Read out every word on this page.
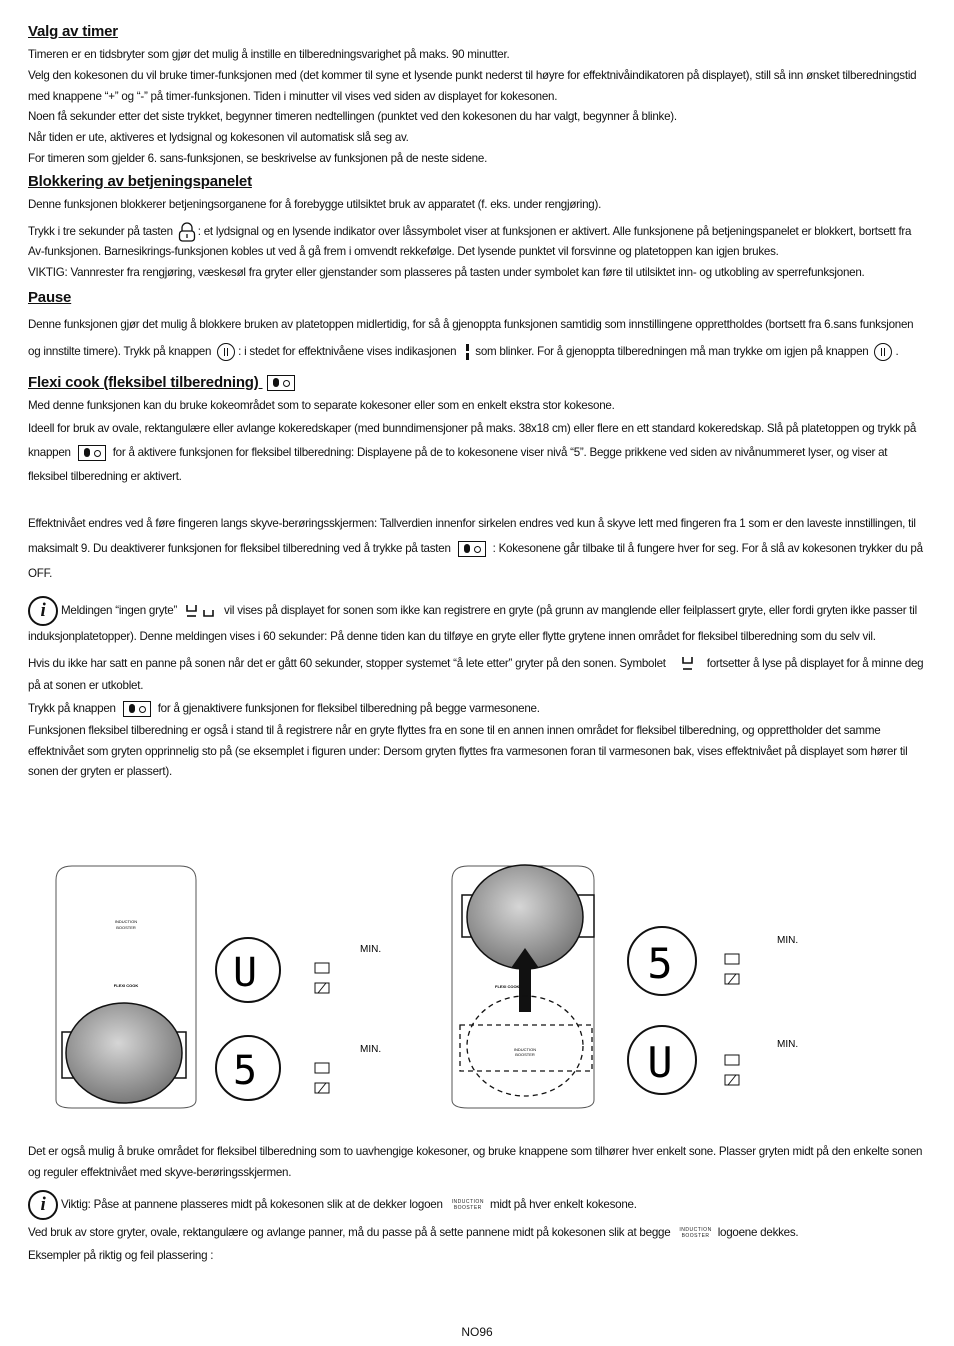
Valg av timer

Timeren er en tidsbryter som gjør det mulig å instille en tilberedningsvarighet på maks. 90 minutter.

Velg den kokesonen du vil bruke timer-funksjonen med (det kommer til syne et lysende punkt nederst til høyre for effektnivåindikatoren på displayet), still så inn ønsket tilberedningstid med knappene “+” og “-” på timer-funksjonen. Tiden i minutter vil vises ved siden av displayet for kokesonen.

Noen få sekunder etter det siste trykket, begynner timeren nedtellingen (punktet ved den kokesonen du har valgt, begynner å blinke).

Når tiden er ute, aktiveres et lydsignal og kokesonen vil automatisk slå seg av.

For timeren som gjelder 6. sans-funksjonen, se beskrivelse av funksjonen på de neste sidene.

Blokkering av betjeningspanelet

Denne funksjonen blokkerer betjeningsorganene for å forebygge utilsiktet bruk av apparatet (f. eks. under rengjøring).

Trykk i tre sekunder på tasten : et lydsignal og en lysende indikator over låssymbolet viser at funksjonen er aktivert. Alle funksjonene på betjeningspanelet er blokkert, bortsett fra Av-funksjonen. Barnesikrings-funksjonen kobles ut ved å gå frem i omvendt rekkefølge. Det lysende punktet vil forsvinne og platetoppen kan igjen brukes.

VIKTIG: Vannrester fra rengjøring, væskesøl fra gryter eller gjenstander som plasseres på tasten under symbolet kan føre til utilsiktet inn- og utkobling av sperrefunksjonen.

Pause

Denne funksjonen gjør det mulig å blokkere bruken av platetoppen midlertidig, for så å gjenoppta funksjonen samtidig som innstillingene opprettholdes (bortsett fra 6.sans funksjonen og innstilte timere). Trykk på knappen : i stedet for effektnivåene vises indikasjonen som blinker. For å gjenoppta tilberedningen må man trykke om igjen på knappen .

Flexi cook (fleksibel tilberedning)

Med denne funksjonen kan du bruke kokeområdet som to separate kokesoner eller som en enkelt ekstra stor kokesone.

Ideell for bruk av ovale, rektangulære eller avlange kokeredskaper (med bunndimensjoner på maks. 38x18 cm) eller flere en ett standard kokeredskap. Slå på platetoppen og trykk på knappen	for å aktivere funksjonen for fleksibel tilberedning: Displayene på de to kokesonene viser nivå “5”. Begge prikkene ved siden av nivånummeret lyser, og viser at fleksibel tilberedning er aktivert.

Effektnivået endres ved å føre fingeren langs skyve-berøringsskjermen: Tallverdien innenfor sirkelen endres ved kun å skyve lett med fingeren fra 1 som er den laveste innstillingen, til maksimalt 9. Du deaktiverer funksjonen for fleksibel tilberedning ved å trykke på tasten	: Kokesonene går tilbake til å fungere hver for seg. For å slå av kokesonen trykker du på OFF.

i Meldingen “ingen gryte”	vil vises på displayet for sonen som ikke kan registrere en gryte (på grunn av manglende eller feilplassert gryte, eller fordi gryten ikke passer til induksjonplatetopper). Denne meldingen vises i 60 sekunder: På denne tiden kan du tilføye en gryte eller flytte grytene innen området for fleksibel tilberedning som du selv vil.

Hvis du ikke har satt en panne på sonen når det er gått 60 sekunder, stopper systemet “å lete etter” gryter på den sonen. Symbolet	fortsetter å lyse på displayet for å minne deg på at sonen er utkoblet.

Trykk på knappen	for å gjenaktivere funksjonen for fleksibel tilberedning på begge varmesonene.

Funksjonen fleksibel tilberedning er også i stand til å registrere når en gryte flyttes fra en sone til en annen innen området for fleksibel tilberedning, og opprettholder det samme effektnivået som gryten opprinnelig sto på (se eksemplet i figuren under: Dersom gryten flyttes fra varmesonen foran til varmesonen bak, vises effektnivået på displayet som hører til sonen der gryten er plassert).

INDUCTION
BOOSTER
FLEXI COOK U
MIN.
5	MIN.
FLEXI COOK
INDUCTION
BOOSTER
5	MIN.
U	MIN.

Det er også mulig å bruke området for fleksibel tilberedning som to uavhengige kokesoner, og bruke knappene som tilhører hver enkelt sone. Plasser gryten midt på den enkelte sonen og reguler effektnivået med skyve-berøringsskjermen.

i Viktig: Påse at pannene plasseres midt på kokesonen slik at de dekker logoen INDUCTION
BOOSTER midt på hver enkelt kokesone.

Ved bruk av store gryter, ovale, rektangulære og avlange panner, må du passe på å sette pannene midt på kokesonen slik at begge INDUCTION
BOOSTER logoene dekkes.

Eksempler på riktig og feil plassering :

NO96
